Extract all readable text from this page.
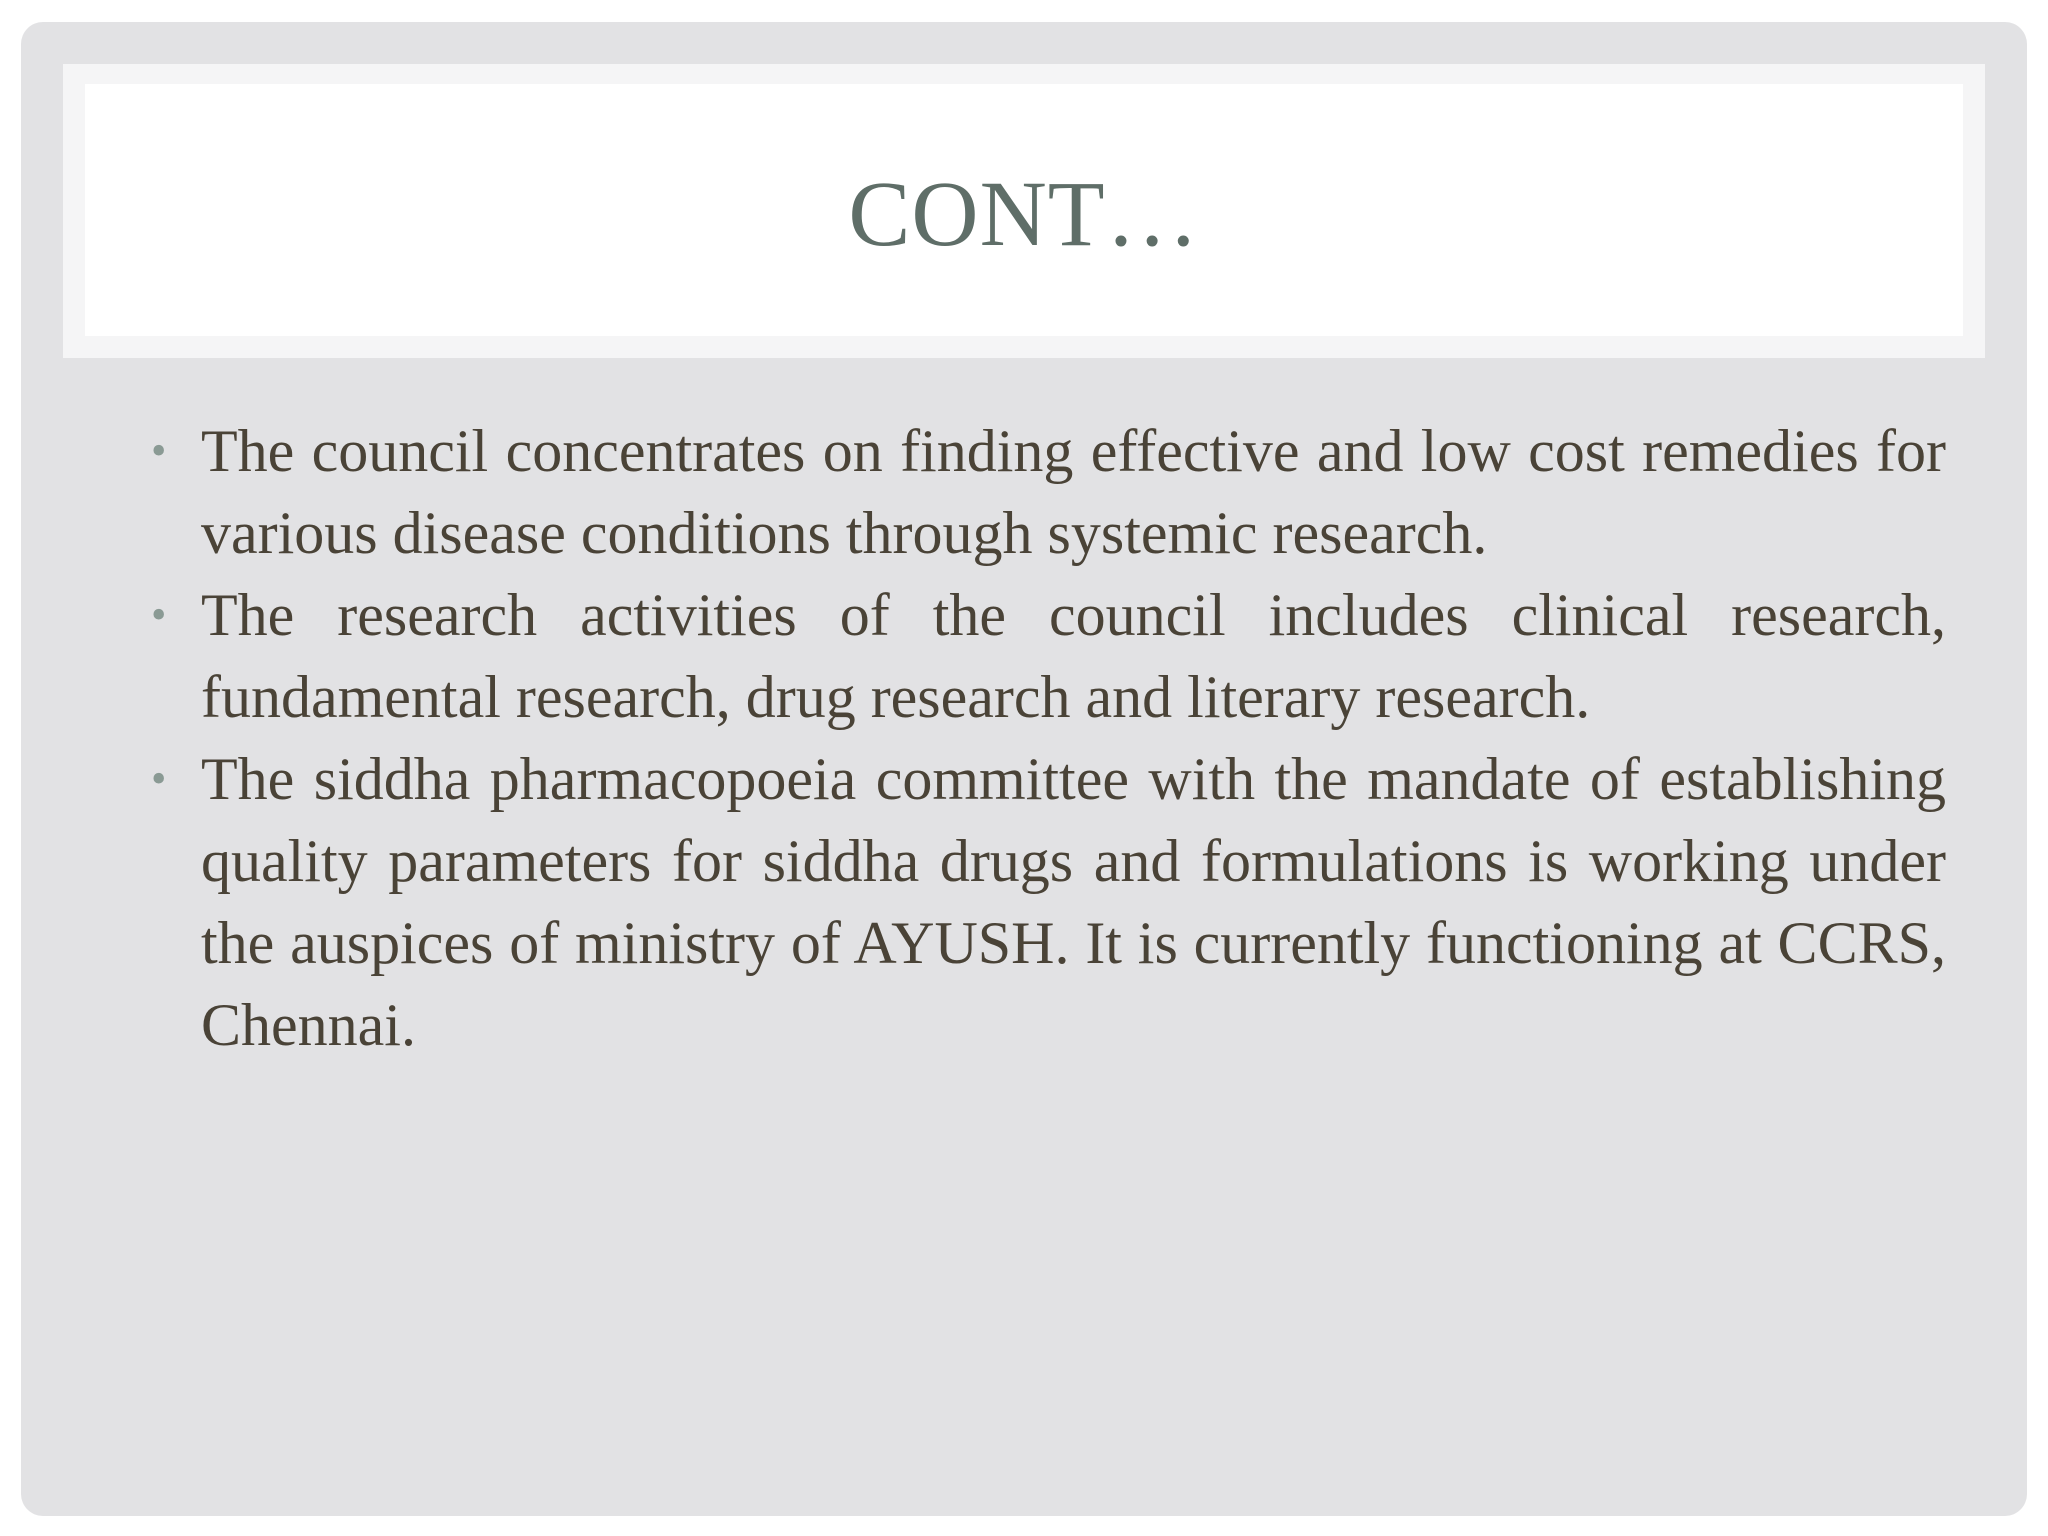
CONT…
• The council concentrates on finding effective and low cost remedies for various disease conditions through systemic research.
• The research activities of the council includes clinical research, fundamental research, drug research and literary research.
• The siddha pharmacopoeia committee with the mandate of establishing quality parameters for siddha drugs and formulations is working under the auspices of ministry of AYUSH. It is currently functioning at CCRS, Chennai.
